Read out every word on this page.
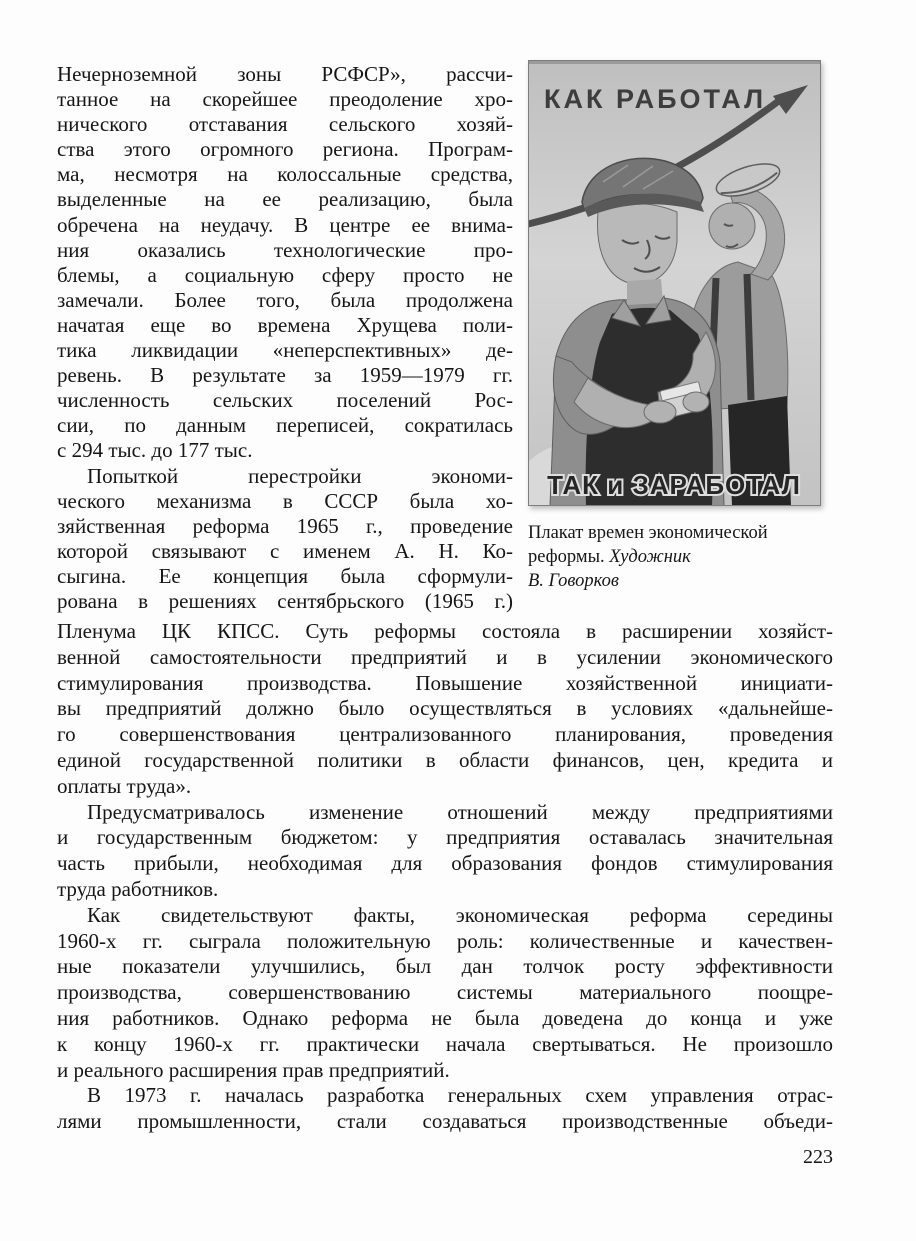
Нечерноземной зоны РСФСР», рассчи-
танное на скорейшее преодоление хро-
нического отставания сельского хозяй-
ства этого огромного региона. Програм-
ма, несмотря на колоссальные средства,
выделенные на ее реализацию, была
обречена на неудачу. В центре ее внима-
ния оказались технологические про-
блемы, а социальную сферу просто не
замечали. Более того, была продолжена
начатая еще во времена Хрущева поли-
тика ликвидации «неперспективных» де-
ревень. В результате за 1959—1979 гг.
численность сельских поселений Рос-
сии, по данным переписей, сократилась
с 294 тыс. до 177 тыс.
Попыткой перестройки экономи-
ческого механизма в СССР была хо-
зяйственная реформа 1965 г., проведение
которой связывают с именем А. Н. Ко-
сыгина. Ее концепция была сформули-
рована в решениях сентябрьского (1965 г.)
КАК РАБОТАЛ
ТАК и ЗАРАБОТАЛ
Плакат времен экономической
реформы. Художник
В. Говорков
Пленума ЦК КПСС. Суть реформы состояла в расширении хозяйст-
венной самостоятельности предприятий и в усилении экономического
стимулирования производства. Повышение хозяйственной инициати-
вы предприятий должно было осуществляться в условиях «дальнейше-
го совершенствования централизованного планирования, проведения
единой государственной политики в области финансов, цен, кредита и
оплаты труда».
Предусматривалось изменение отношений между предприятиями
и государственным бюджетом: у предприятия оставалась значительная
часть прибыли, необходимая для образования фондов стимулирования
труда работников.
Как свидетельствуют факты, экономическая реформа середины
1960-х гг. сыграла положительную роль: количественные и качествен-
ные показатели улучшились, был дан толчок росту эффективности
производства, совершенствованию системы материального поощре-
ния работников. Однако реформа не была доведена до конца и уже
к концу 1960-х гг. практически начала свертываться. Не произошло
и реального расширения прав предприятий.
В 1973 г. началась разработка генеральных схем управления отрас-
лями промышленности, стали создаваться производственные объеди-
223
